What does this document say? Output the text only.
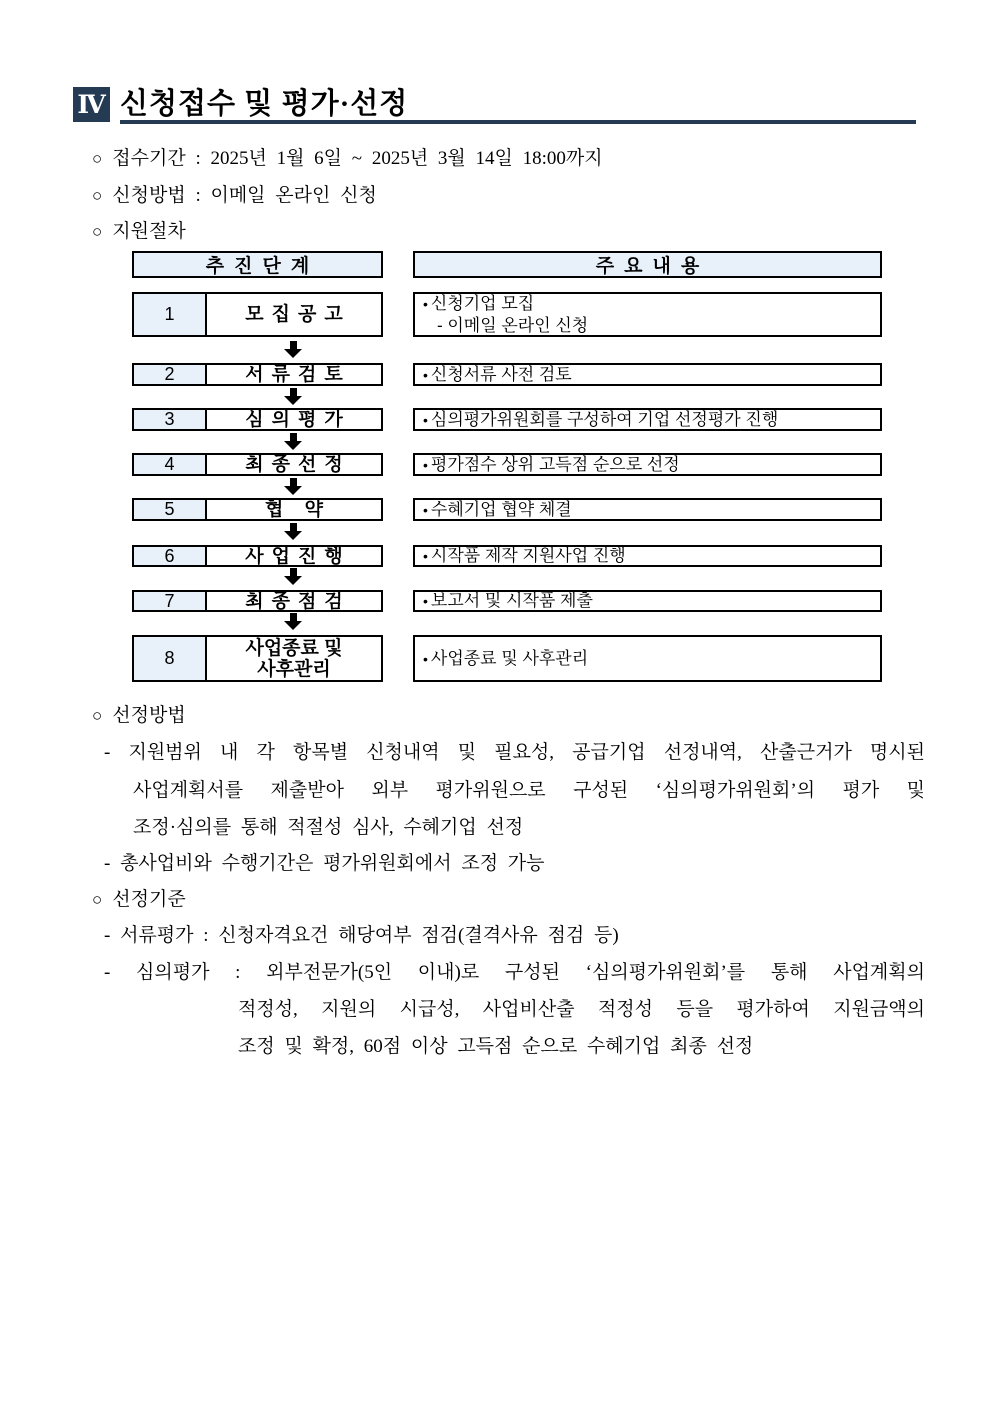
Ⅳ 신청접수 및 평가·선정
○ 접수기간 : 2025년 1월 6일 ~ 2025년 3월 14일 18:00까지
○ 신청방법 : 이메일 온라인 신청
○ 지원절차
추진단계	주요내용
1	모집공고	• 신청기업 모집
- 이메일 온라인 신청
2	서류검토	• 신청서류 사전 검토
3	심의평가	• 심의평가위원회를 구성하여 기업 선정평가 진행
4	최종선정	• 평가점수 상위 고득점 순으로 선정
5	협 약	• 수혜기업 협약 체결
6	사업진행	• 시작품 제작 지원사업 진행
7	최종점검	• 보고서 및 시작품 제출
8	사업종료 및
사후관리	• 사업종료 및 사후관리
○ 선정방법
- 지원범위 내 각 항목별 신청내역 및 필요성, 공급기업 선정내역, 산출근거가 명시된
사업계획서를 제출받아 외부 평가위원으로 구성된 ‘심의평가위원회’의 평가 및
조정·심의를 통해 적절성 심사, 수혜기업 선정
- 총사업비와 수행기간은 평가위원회에서 조정 가능
○ 선정기준
- 서류평가 : 신청자격요건 해당여부 점검(결격사유 점검 등)
- 심의평가 : 외부전문가(5인 이내)로 구성된 ‘심의평가위원회’를 통해 사업계획의
적정성, 지원의 시급성, 사업비산출 적정성 등을 평가하여 지원금액의
조정 및 확정, 60점 이상 고득점 순으로 수혜기업 최종 선정
